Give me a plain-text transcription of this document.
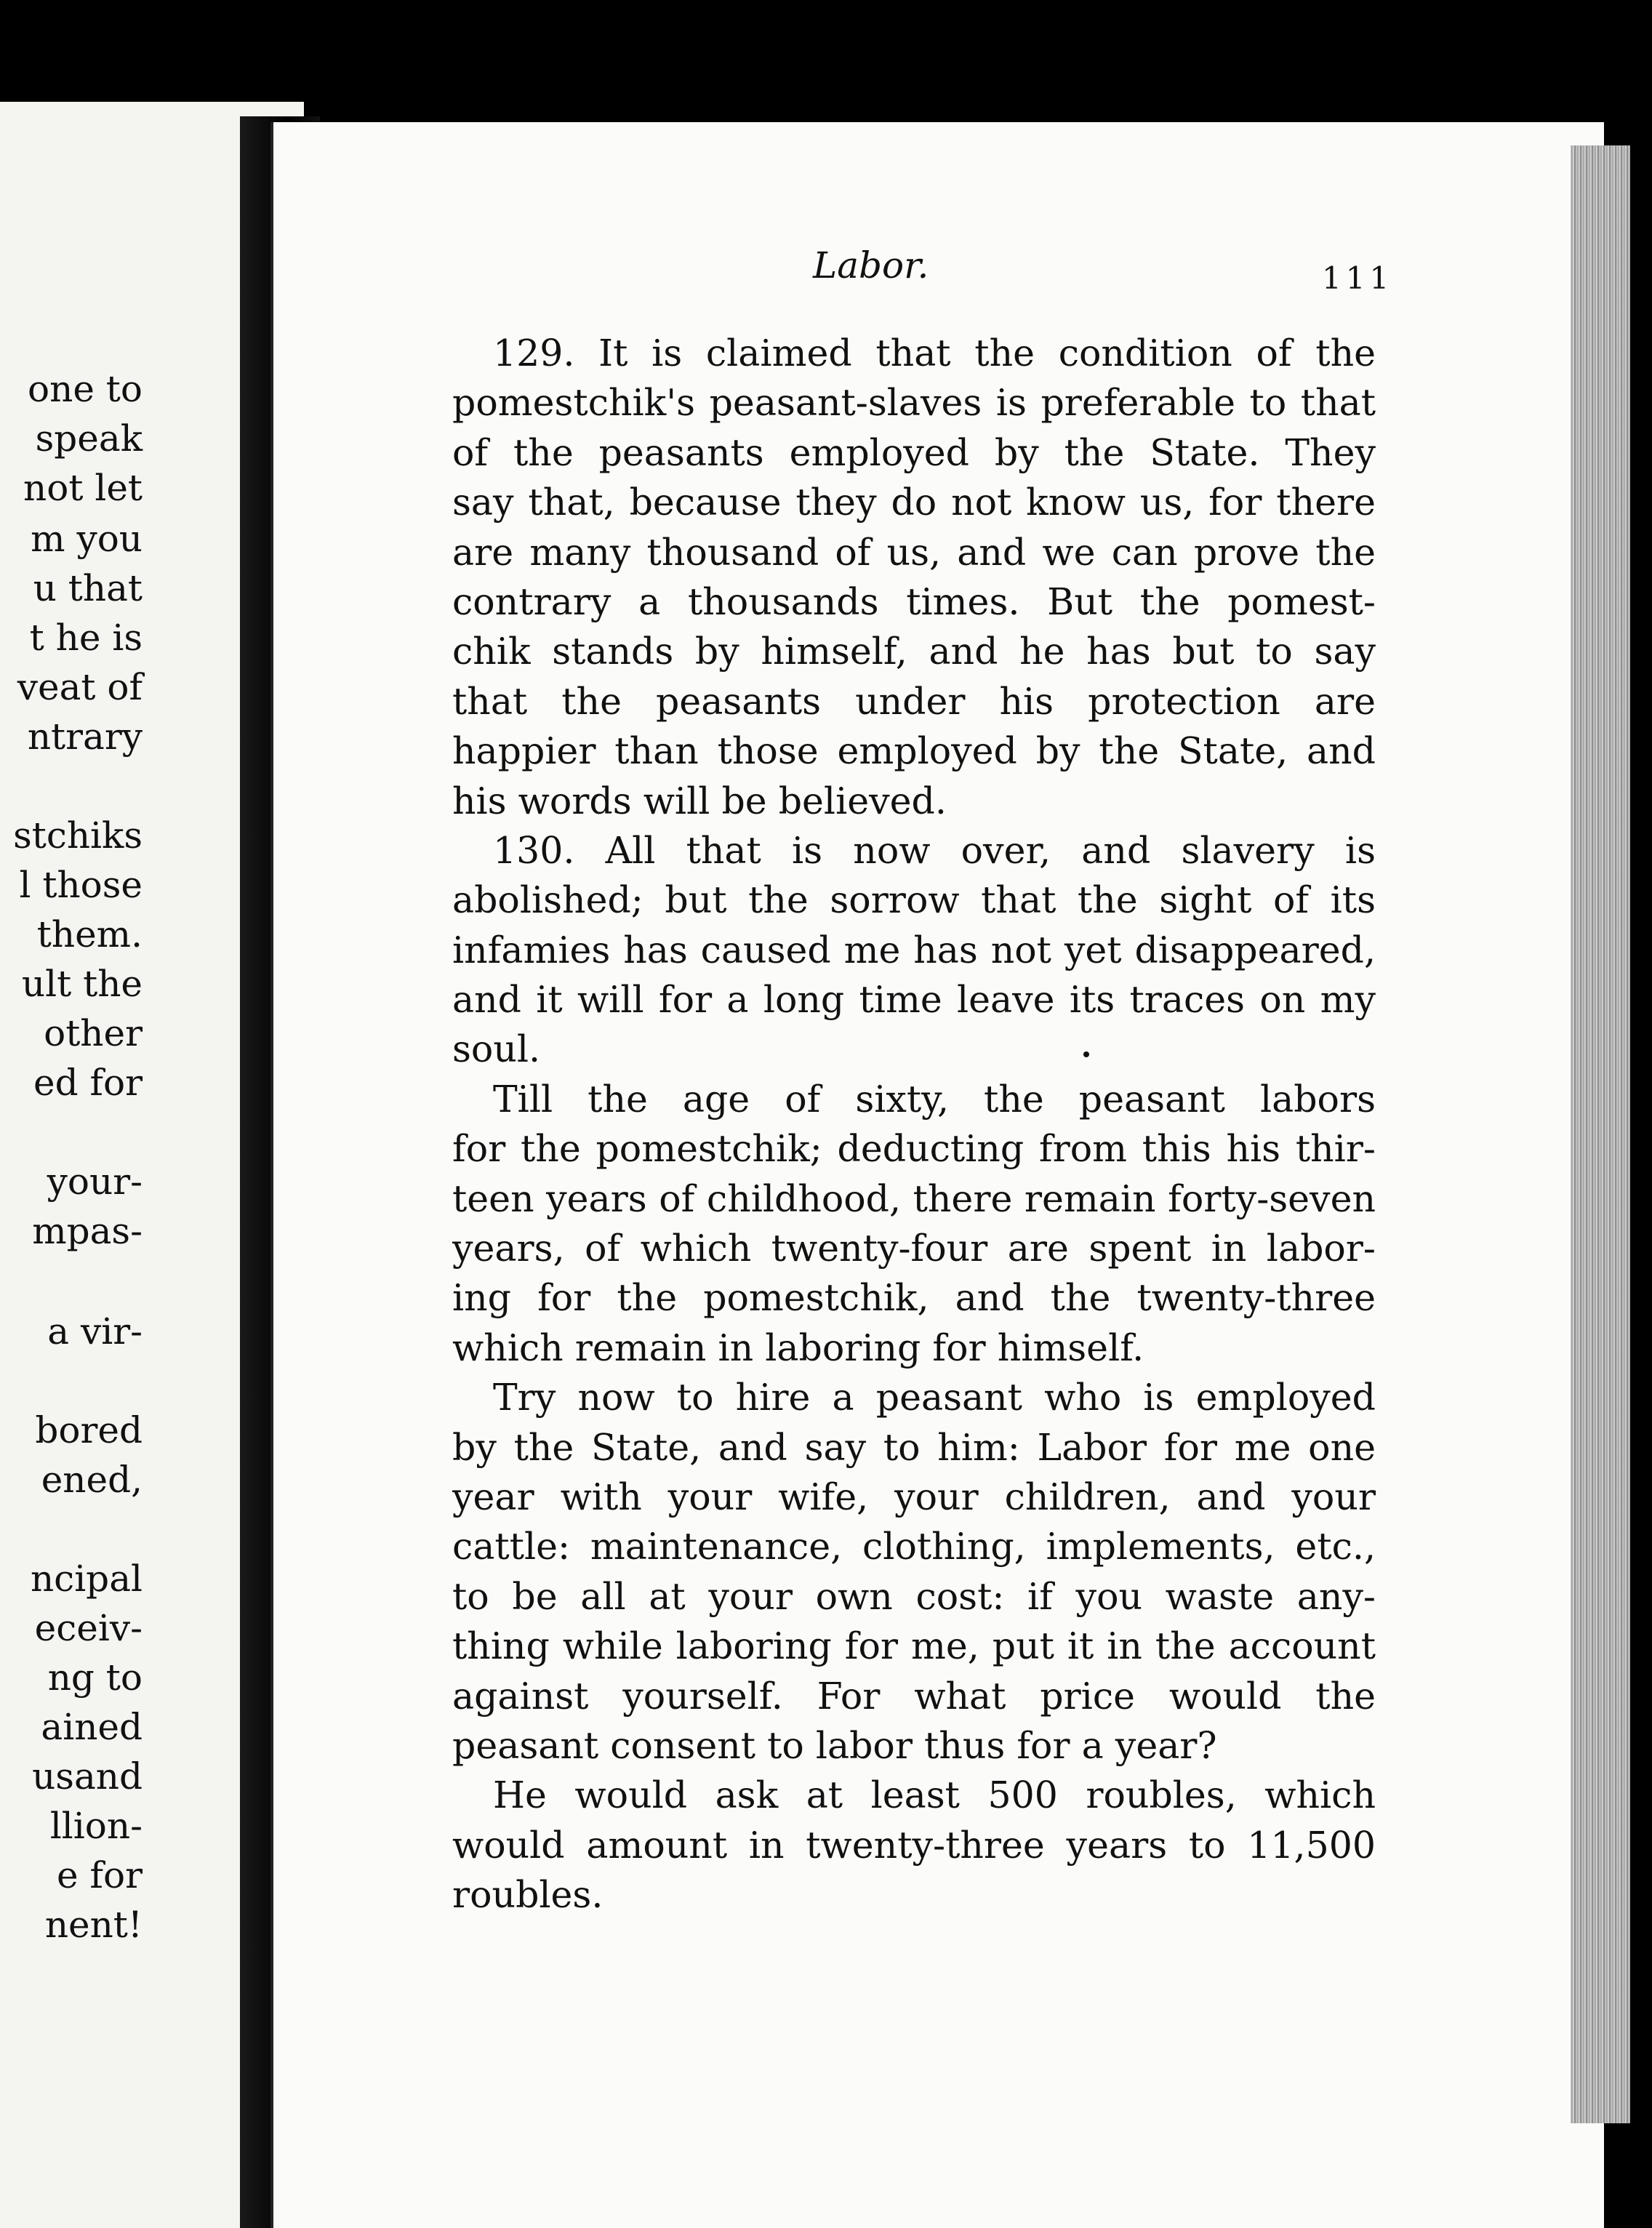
one to
speak
not let
m you
u that
t he is
veat of
ntrary
stchiks
l those
them.
ult the
other
ed for
your-
mpas-
a vir-
bored
ened,
ncipal
eceiv-
ng to
ained
usand
llion-
e for
nent!
Labor.	111
129. It is claimed that the condition of the
pomestchik's peasant-slaves is preferable to that
of the peasants employed by the State. They
say that, because they do not know us, for there
are many thousand of us, and we can prove the
contrary a thousands times. But the pomest-
chik stands by himself, and he has but to say
that the peasants under his protection are
happier than those employed by the State, and
his words will be believed.
130. All that is now over, and slavery is
abolished; but the sorrow that the sight of its
infamies has caused me has not yet disappeared,
and it will for a long time leave its traces on my
soul.
Till the age of sixty, the peasant labors
for the pomestchik; deducting from this his thir-
teen years of childhood, there remain forty-seven
years, of which twenty-four are spent in labor-
ing for the pomestchik, and the twenty-three
which remain in laboring for himself.
Try now to hire a peasant who is employed
by the State, and say to him: Labor for me one
year with your wife, your children, and your
cattle: maintenance, clothing, implements, etc.,
to be all at your own cost: if you waste any-
thing while laboring for me, put it in the account
against yourself. For what price would the
peasant consent to labor thus for a year?
He would ask at least 500 roubles, which
would amount in twenty-three years to 11,500
roubles.
